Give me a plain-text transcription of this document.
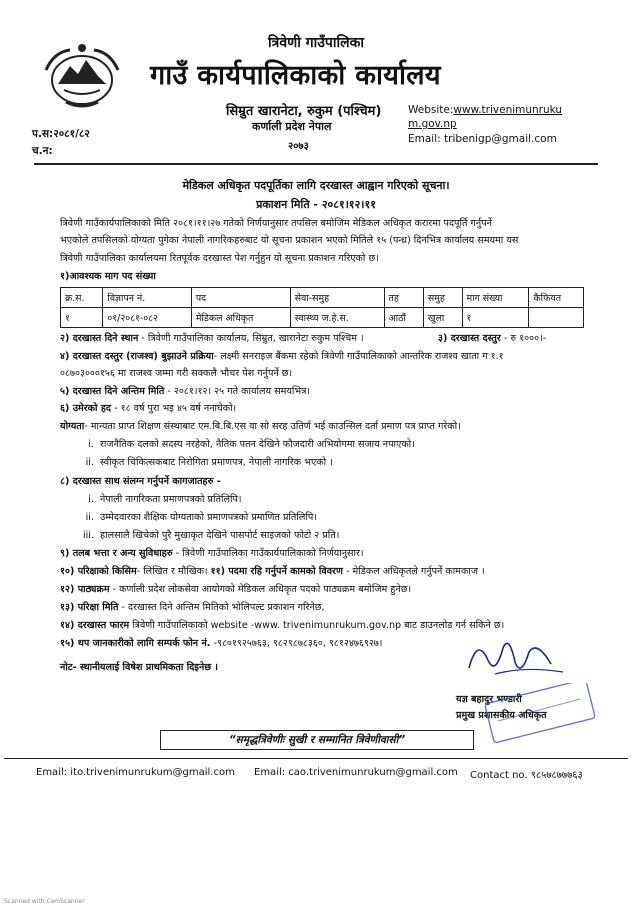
त्रिवेणी गाउँपालिका
गाउँ कार्यपालिकाको कार्यालय
सिम्रुत खारानेटा, रुकुम (पश्चिम)
कर्णाली प्रदेश नेपाल
२०७३
प.स:२०८१/८२
च.न:
Website:www.trivenimunruku
m.gov.np
Email: tribenigp@gmail.com
मेडिकल अधिकृत पदपूर्तिका लागि दरखास्त आह्वान गरिएको सूचना।
प्रकाशन मिति - २०८१।१२।११
त्रिवेणी गाउँकार्यपालिकाको मिति २०८१।११।२७ गतेको निर्णयानुसार तपसिल बमोजिम मेडिकल अधिकृत करारमा पदपूर्ति गर्नुपर्ने
भएकोले तपसिलको योग्यता पुगेका नेपाली नागरिकहरुबाट यो सूचना प्रकाशन भएको मितिले १५ (पन्ध्र) दिनभित्र कार्यालय समयमा यस
त्रिवेणी गाउँपालिका कार्यालयमा रितपूर्वक दरखास्त पेश गर्नुहुन यो सूचना प्रकाशन गरिएको छ।
१)आवश्यक माग पद संख्या
क्र.स.	विज्ञापन नं.	पद	सेवा-समुह	तह	समुह	माग संख्या	कैफियत
१	०१/२०८१-०८२	मेडिकल अधिकृत	स्वास्थ्य ज.हे.स.	आठौं	खुला	१	
२) दरखास्त दिने स्थान - त्रिवेणी गाउँपालिका कार्यालय, सिम्रुत, खारानेटा रुकुम पश्चिम ।	३) दरखास्त दस्तुर - रु १०००।-
४) दरखास्त दस्तुर (राजश्व) बुझाउने प्रक्रिया- लक्ष्मी सनराइज बैंकमा रहेको त्रिवेणी गाउँपालिकाको आन्तरिक राजश्व खाता ग १.१
०८७०३०००१५६ मा राजश्व जम्मा गरी सक्कलै भौचर पेश गर्नुपर्ने छ।
५) दरखास्त दिने अन्तिम मिति - २०८१।१२। २५ गते कार्यालय समयभित्र।
६) उमेरको हद - १८ वर्ष पुरा भइ ४५ वर्ष ननाघेको।
योग्यता- मान्यता प्राप्त शिक्षण संस्थाबाट एम.बि.बि.एस वा सो सरह उतिर्ण भई काउन्सिल दर्ता प्रमाण पत्र प्राप्त गरेको।
i. राजनैतिक दलको सदस्य नरहेको, नैतिक पतन देखिने फौजदारी अभियोगमा सजाय नपाएको।
ii. स्वीकृत चिकित्सकबाट निरोगिता प्रमाणपत्र, नेपाली नागरिक भएको ।
८) दरखास्त साथ संलग्न गर्नुपर्ने कागजातहरु -
i. नेपाली नागरिकता प्रमाणपत्रको प्रतिलिपि।
ii. उम्मेदवारका शैक्षिक योग्यताको प्रमाणपत्रको प्रमाणित प्रतिलिपि।
iii. हालसालै खिचेको पुरै मुखाकृत देखिने पासपोर्ट साइजको फोटो २ प्रति।
९) तलब भत्ता र अन्य सुविधाहरु - त्रिवेणी गाउँपालिका गाउँकार्यपालिकाको निर्णयानुसार।
१०) परिक्षाको किसिम- लिखित र मौखिक। ११) पदमा रहि गर्नुपर्ने कामको विवरण - मेडिकल अधिकृतले गर्नुपर्ने कामकाज ।
१२) पाठ्यक्रम - कर्णाली प्रदेश लोकसेवा आयोगको मेडिकल अधिकृत पदको पाठ्यक्रम बमोजिम हुनेछ।
१३) परिक्षा मिति - दरखास्त दिने अन्तिम मितिको भोलिपल्ट प्रकाशन गरिनेछ,
१४) दरखास्त फारम त्रिवेणी गाउँपालिकाको website -www. trivenimunrukum.gov.np बाट डाउनलोड गर्न सकिने छ।
१५) थप जानकारीको लागि सम्पर्क फोन नं. -९८०१९२५७६३, ९८२९८७८३६०, ९८१२४७६९२७।
नोट- स्थानीयलाई विषेश प्राथमिकता दिइनेछ ।
यज्ञ बहादुर भण्डारी
प्रमुख प्रशासकीय अधिकृत
“समृद्धत्रिवेणीः सुखी र सम्मानित त्रिवेणीवासी”
Email: ito.trivenimunrukum@gmail.com Email: cao.trivenimunrukum@gmail.com Contact no. ९८५७८७७७६३
Scanned with CamScanner
